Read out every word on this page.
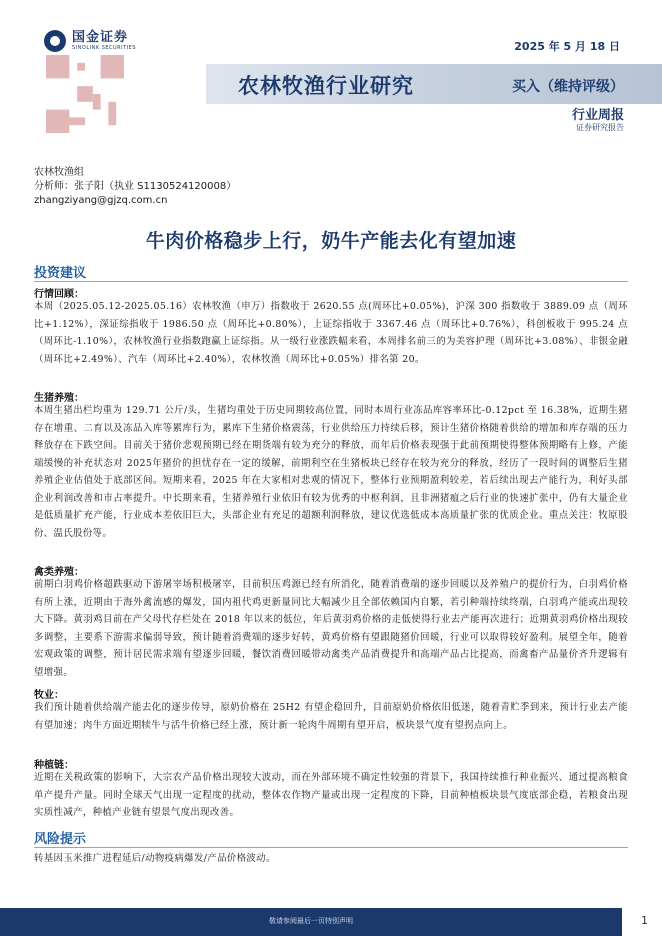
国金证券
SINOLINK SECURITIES	2025 年 5 月 18 日
农林牧渔行业研究	买入（维持评级）
行业周报
证券研究报告
农林牧渔组
分析师：张子阳（执业 S1130524120008）
zhangziyang@gjzq.com.cn
牛肉价格稳步上行，奶牛产能去化有望加速
投资建议
行情回顾：
本周（2025.05.12-2025.05.16）农林牧渔（申万）指数收于 2620.55 点(周环比+0.05%)，沪深 300 指数收于 3889.09 点（周环比+1.12%），深证综指收于 1986.50 点（周环比+0.80%），上证综指收于 3367.46 点（周环比+0.76%），科创板收于 995.24 点（周环比-1.10%），农林牧渔行业指数跑赢上证综指。从一级行业涨跌幅来看，本周排名前三的为美容护理（周环比+3.08%）、非银金融（周环比+2.49%）、汽车（周环比+2.40%），农林牧渔（周环比+0.05%）排名第 20。
生猪养殖：
本周生猪出栏均重为 129.71 公斤/头，生猪均重处于历史同期较高位置，同时本周行业冻品库容率环比-0.12pct 至 16.38%，近期生猪存在增重、二育以及冻品入库等累库行为，累库下生猪价格震荡，行业供给压力持续后移，预计生猪价格随着供给的增加和库存端的压力释放存在下跌空间。目前关于猪价悲观预期已经在期货端有较为充分的释放，而年后价格表现强于此前预期使得整体预期略有上修，产能端缓慢的补充状态对 2025年猪价的担忧存在一定的缓解，前期利空在生猪板块已经存在较为充分的释放，经历了一段时间的调整后生猪养殖企业估值处于底部区间。短期来看，2025 年在大家相对悲观的情况下，整体行业预期盈利较差，若后续出现去产能行为，利好头部企业利润改善和市占率提升。中长期来看，生猪养殖行业依旧有较为优秀的中枢利润，且非洲猪瘟之后行业的快速扩张中，仍有大量企业是低质量扩充产能，行业成本差依旧巨大，头部企业有充足的超额利润释放，建议优选低成本高质量扩张的优质企业。重点关注：牧原股份、温氏股份等。
禽类养殖：
前期白羽鸡价格超跌驱动下游屠宰场积极屠宰，目前积压鸡源已经有所消化，随着消费端的逐步回暖以及养殖户的提价行为，白羽鸡价格有所上涨，近期由于海外禽流感的爆发，国内祖代鸡更新量同比大幅减少且全部依赖国内自繁，若引种端持续终端，白羽鸡产能或出现较大下降。黄羽鸡目前在产父母代存栏处在 2018 年以来的低位，年后黄羽鸡价格的走低使得行业去产能再次进行；近期黄羽鸡价格出现较多调整，主要系下游需求偏弱导致，预计随着消费端的逐步好转，黄鸡价格有望跟随猪价回暖，行业可以取得较好盈利。展望全年，随着宏观政策的调整，预计居民需求端有望逐步回暖，餐饮消费回暖带动禽类产品消费提升和高端产品占比提高，而禽畜产品量价齐升逻辑有望增强。
牧业：
我们预计随着供给端产能去化的逐步传导，原奶价格在 25H2 有望企稳回升，目前原奶价格依旧低迷，随着青贮季到来，预计行业去产能有望加速；肉牛方面近期犊牛与活牛价格已经上涨，预计新一轮肉牛周期有望开启，板块景气度有望拐点向上。
种植链：
近期在关税政策的影响下，大宗农产品价格出现较大波动，而在外部环境不确定性较强的背景下，我国持续推行种业振兴、通过提高粮食单产提升产量。同时全球天气出现一定程度的扰动，整体农作物产量或出现一定程度的下降，目前种植板块景气度底部企稳，若粮食出现实质性减产，种植产业链有望景气度出现改善。
风险提示
转基因玉米推广进程延后/动物疫病爆发/产品价格波动。
敬请参阅最后一页特别声明	1
